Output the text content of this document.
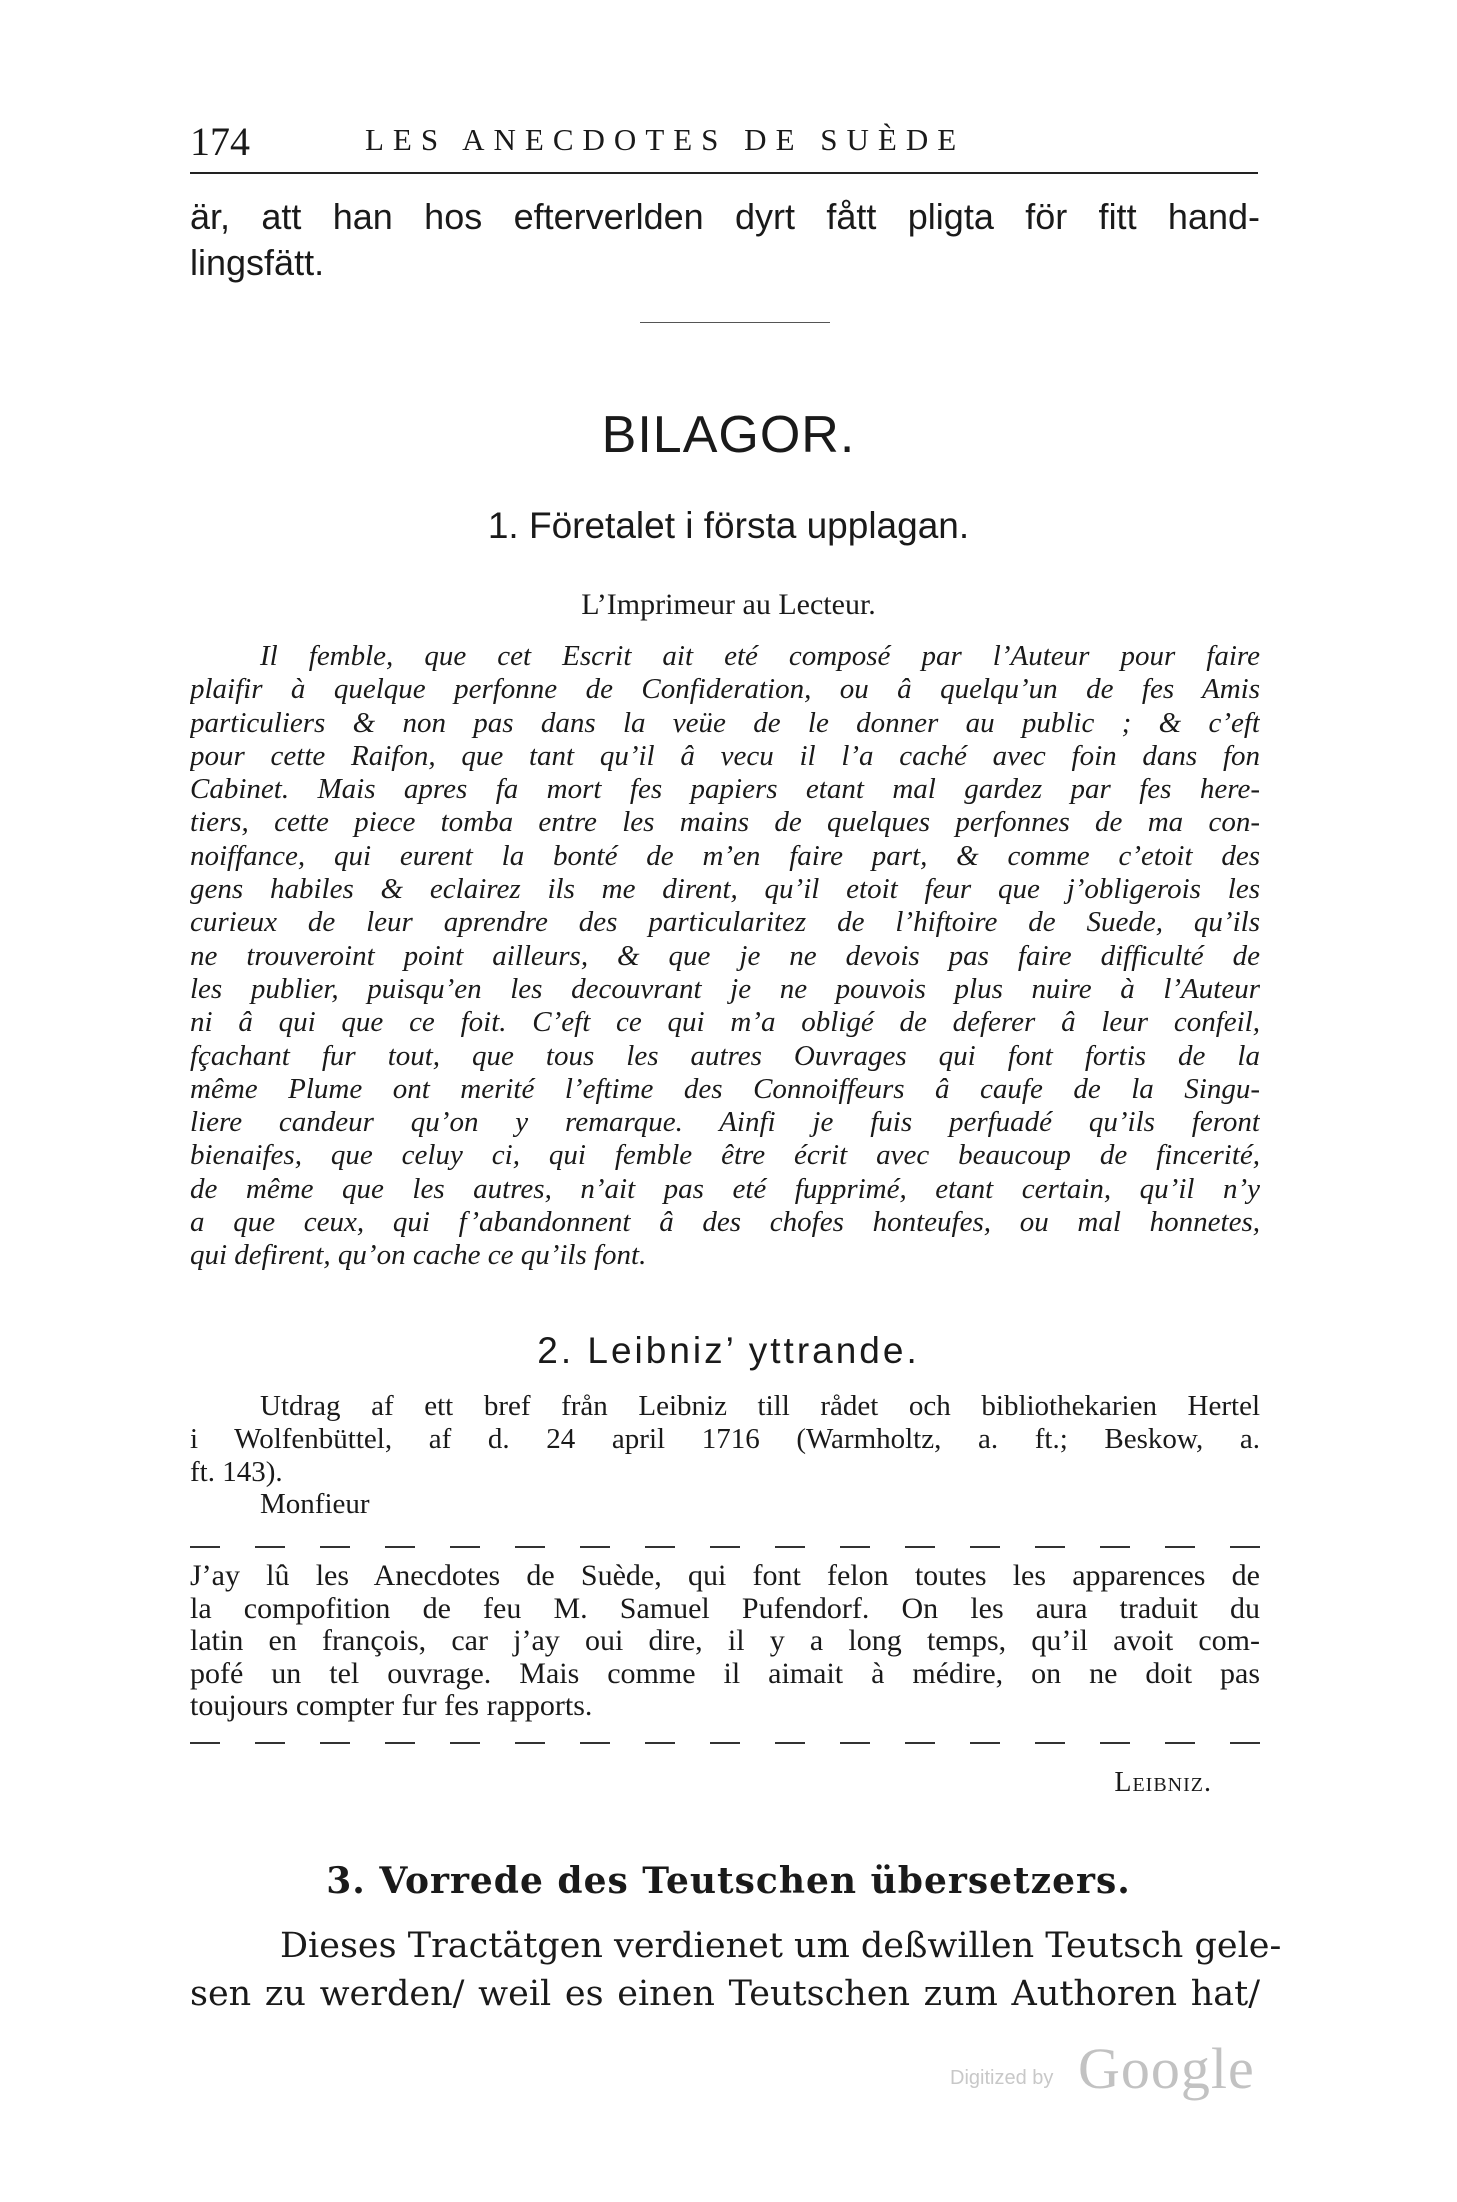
174	LES ANECDOTES DE SUÈDE
är, att han hos efterverlden dyrt fått pligta för fitt hand-
lingsfätt.
BILAGOR.
1. Företalet i första upplagan.
L’Imprimeur au Lecteur.
Il femble, que cet Escrit ait eté composé par l’Auteur pour faire
plaifir à quelque perfonne de Confideration, ou â quelqu’un de fes Amis
particuliers & non pas dans la veüe de le donner au public ; & c’eft
pour cette Raifon, que tant qu’il â vecu il l’a caché avec foin dans fon
Cabinet. Mais apres fa mort fes papiers etant mal gardez par fes here-
tiers, cette piece tomba entre les mains de quelques perfonnes de ma con-
noiffance, qui eurent la bonté de m’en faire part, & comme c’etoit des
gens habiles & eclairez ils me dirent, qu’il etoit feur que j’obligerois les
curieux de leur aprendre des particularitez de l’hiftoire de Suede, qu’ils
ne trouveroint point ailleurs, & que je ne devois pas faire difficulté de
les publier, puisqu’en les decouvrant je ne pouvois plus nuire à l’Auteur
ni â qui que ce foit. C’eft ce qui m’a obligé de deferer â leur confeil,
fçachant fur tout, que tous les autres Ouvrages qui font fortis de la
même Plume ont merité l’eftime des Connoiffeurs â caufe de la Singu-
liere candeur qu’on y remarque. Ainfi je fuis perfuadé qu’ils feront
bienaifes, que celuy ci, qui femble être écrit avec beaucoup de fincerité,
de même que les autres, n’ait pas eté fupprimé, etant certain, qu’il n’y
a que ceux, qui f’abandonnent â des chofes honteufes, ou mal honnetes,
qui defirent, qu’on cache ce qu’ils font.
2. Leibniz’ yttrande.
Utdrag af ett bref från Leibniz till rådet och bibliothekarien Hertel
i Wolfenbüttel, af d. 24 april 1716 (Warmholtz, a. ft.; Beskow, a.
ft. 143).
Monfieur
J’ay lû les Anecdotes de Suède, qui font felon toutes les apparences de
la compofition de feu M. Samuel Pufendorf. On les aura traduit du
latin en françois, car j’ay oui dire, il y a long temps, qu’il avoit com-
pofé un tel ouvrage. Mais comme il aimait à médire, on ne doit pas
toujours compter fur fes rapports.
Leibniz.
3. Vorrede des Teutschen übersetzers.
Dieses Tractätgen verdienet um deßwillen Teutsch gele-
sen zu werden/ weil es einen Teutschen zum Authoren hat/
Digitized by Google
